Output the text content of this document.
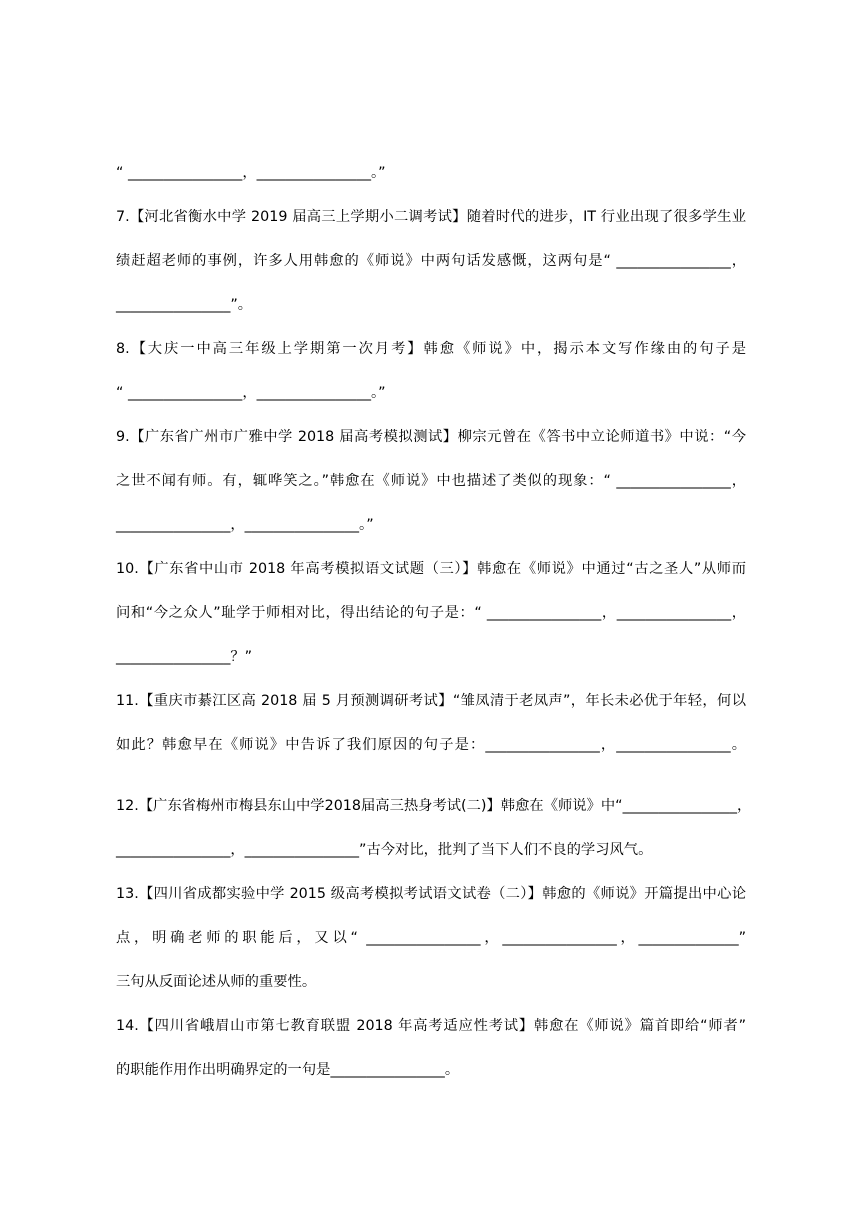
“ ________________，________________。”
7.【河北省衡水中学 2019 届高三上学期小二调考试】随着时代的进步，IT 行业出现了很多学生业
绩赶超老师的事例，许多人用韩愈的《师说》中两句话发感慨，这两句是“ ________________，
________________”。
8.【大庆一中高三年级上学期第一次月考】韩愈《师说》中，揭示本文写作缘由的句子是
“ ________________，________________。”
9.【广东省广州市广雅中学 2018 届高考模拟测试】柳宗元曾在《答书中立论师道书》中说：“今
之世不闻有师。有，辄哗笑之。”韩愈在《师说》中也描述了类似的现象：“ ________________，
________________，________________。”
10.【广东省中山市 2018 年高考模拟语文试题（三）】韩愈在《师说》中通过“古之圣人”从师而
问和“今之众人”耻学于师相对比，得出结论的句子是：“ ________________，________________，
________________？”
11.【重庆市綦江区高 2018 届 5 月预测调研考试】“雏凤清于老凤声”，年长未必优于年轻，何以
如此？韩愈早在《师说》中告诉了我们原因的句子是：________________，________________。
12.【广东省梅州市梅县东山中学2018届高三热身考试(二)】韩愈在《师说》中“________________，
________________，________________”古今对比，批判了当下人们不良的学习风气。
13.【四川省成都实验中学 2015 级高考模拟考试语文试卷（二）】韩愈的《师说》开篇提出中心论
点，明确老师的职能后，又以“ ________________，________________，______________”
三句从反面论述从师的重要性。
14.【四川省峨眉山市第七教育联盟 2018 年高考适应性考试】韩愈在《师说》篇首即给“师者”
的职能作用作出明确界定的一句是________________。
